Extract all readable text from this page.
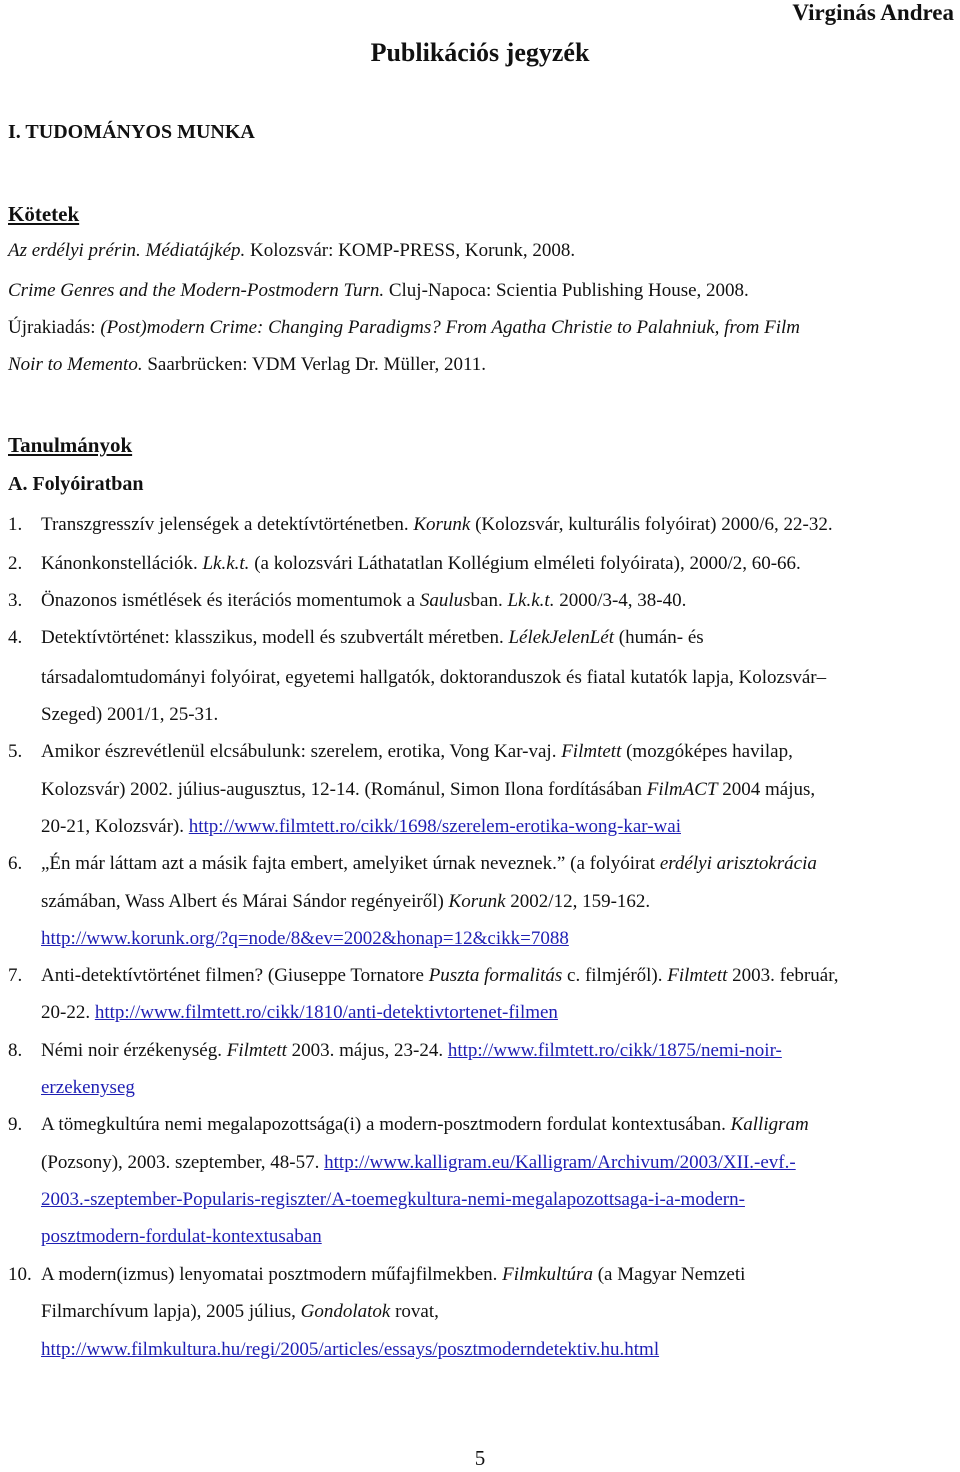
Virginás Andrea
Publikációs jegyzék
I. TUDOMÁNYOS MUNKA
Kötetek
Az erdélyi prérin. Médiatájkép. Kolozsvár: KOMP-PRESS, Korunk, 2008.
Crime Genres and the Modern-Postmodern Turn. Cluj-Napoca: Scientia Publishing House, 2008.
Újrakiadás: (Post)modern Crime: Changing Paradigms? From Agatha Christie to Palahniuk, from Film
Noir to Memento. Saarbrücken: VDM Verlag Dr. Müller, 2011.
Tanulmányok
A. Folyóiratban
1. Transzgresszív jelenségek a detektívtörténetben. Korunk (Kolozsvár, kulturális folyóirat) 2000/6, 22-32.
2. Kánonkonstellációk. Lk.k.t. (a kolozsvári Láthatatlan Kollégium elméleti folyóirata), 2000/2, 60-66.
3. Önazonos ismétlések és iterációs momentumok a Saulusban. Lk.k.t. 2000/3-4, 38-40.
4. Detektívtörténet: klasszikus, modell és szubvertált méretben. LélekJelenLét (humán- és
társadalomtudományi folyóirat, egyetemi hallgatók, doktoranduszok és fiatal kutatók lapja, Kolozsvár–
Szeged) 2001/1, 25-31.
5. Amikor észrevétlenül elcsábulunk: szerelem, erotika, Vong Kar-vaj. Filmtett (mozgóképes havilap,
Kolozsvár) 2002. július-augusztus, 12-14. (Románul, Simon Ilona fordításában FilmACT 2004 május,
20-21, Kolozsvár). http://www.filmtett.ro/cikk/1698/szerelem-erotika-wong-kar-wai
6. „Én már láttam azt a másik fajta embert, amelyiket úrnak neveznek.” (a folyóirat erdélyi arisztokrácia
számában, Wass Albert és Márai Sándor regényeiről) Korunk 2002/12, 159-162.
http://www.korunk.org/?q=node/8&ev=2002&honap=12&cikk=7088
7. Anti-detektívtörténet filmen? (Giuseppe Tornatore Puszta formalitás c. filmjéről). Filmtett 2003. február,
20-22. http://www.filmtett.ro/cikk/1810/anti-detektivtortenet-filmen
8. Némi noir érzékenység. Filmtett 2003. május, 23-24. http://www.filmtett.ro/cikk/1875/nemi-noir-
erzekenyseg
9. A tömegkultúra nemi megalapozottsága(i) a modern-posztmodern fordulat kontextusában. Kalligram
(Pozsony), 2003. szeptember, 48-57. http://www.kalligram.eu/Kalligram/Archivum/2003/XII.-evf.-
2003.-szeptember-Popularis-regiszter/A-toemegkultura-nemi-megalapozottsaga-i-a-modern-
posztmodern-fordulat-kontextusaban
10. A modern(izmus) lenyomatai posztmodern műfajfilmekben. Filmkultúra (a Magyar Nemzeti
Filmarchívum lapja), 2005 július, Gondolatok rovat,
http://www.filmkultura.hu/regi/2005/articles/essays/posztmoderndetektiv.hu.html
5
